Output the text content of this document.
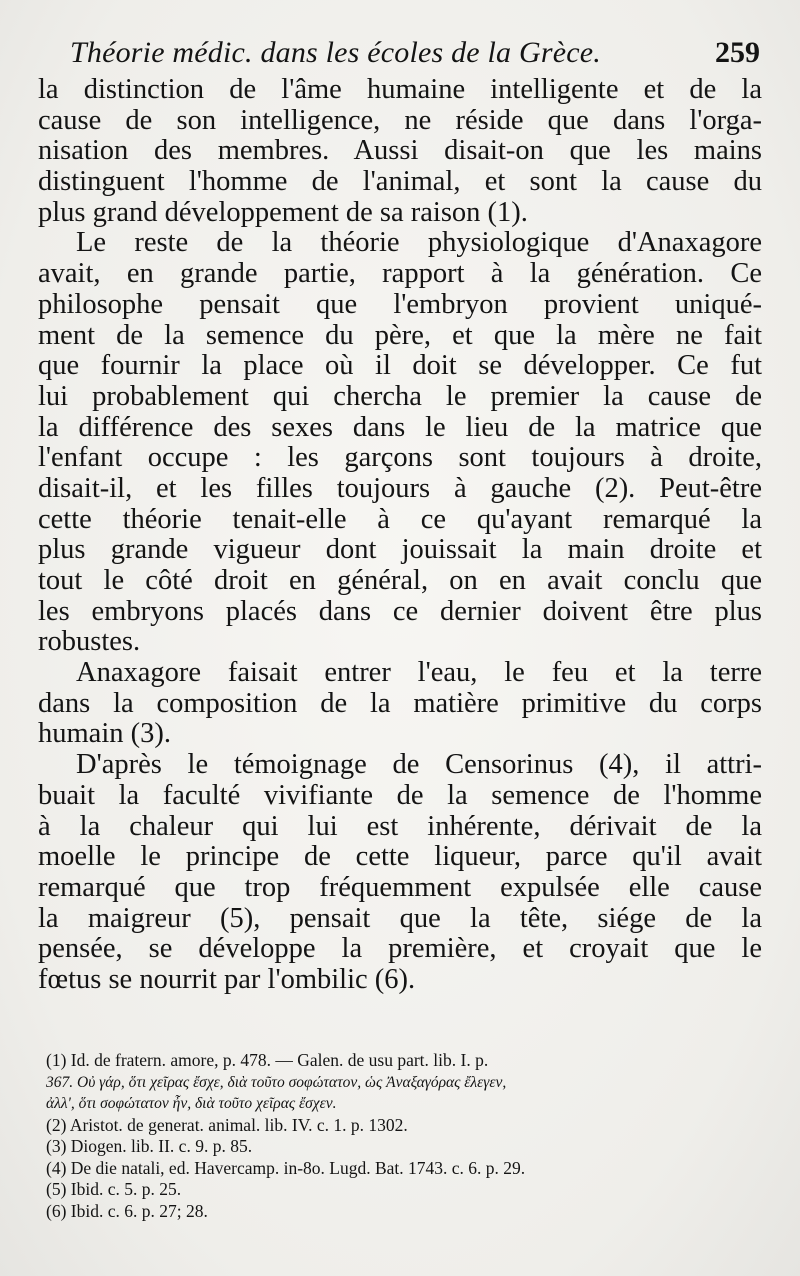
Théorie médic. dans les écoles de la Grèce.	259
la distinction de l'âme humaine intelligente et de la
cause de son intelligence, ne réside que dans l'orga-
nisation des membres. Aussi disait-on que les mains
distinguent l'homme de l'animal, et sont la cause du
plus grand développement de sa raison (1).
Le reste de la théorie physiologique d'Anaxagore
avait, en grande partie, rapport à la génération. Ce
philosophe pensait que l'embryon provient uniqué-
ment de la semence du père, et que la mère ne fait
que fournir la place où il doit se développer. Ce fut
lui probablement qui chercha le premier la cause de
la différence des sexes dans le lieu de la matrice que
l'enfant occupe : les garçons sont toujours à droite,
disait-il, et les filles toujours à gauche (2). Peut-être
cette théorie tenait-elle à ce qu'ayant remarqué la
plus grande vigueur dont jouissait la main droite et
tout le côté droit en général, on en avait conclu que
les embryons placés dans ce dernier doivent être plus
robustes.
Anaxagore faisait entrer l'eau, le feu et la terre
dans la composition de la matière primitive du corps
humain (3).
D'après le témoignage de Censorinus (4), il attri-
buait la faculté vivifiante de la semence de l'homme
à la chaleur qui lui est inhérente, dérivait de la
moelle le principe de cette liqueur, parce qu'il avait
remarqué que trop fréquemment expulsée elle cause
la maigreur (5), pensait que la tête, siége de la
pensée, se développe la première, et croyait que le
fœtus se nourrit par l'ombilic (6).
(1) Id. de fratern. amore, p. 478. — Galen. de usu part. lib. I. p.
367. Οὐ γάρ, ὅτι χεῖρας ἔσχε, διὰ τοῦτο σοφώτατον, ὡς Ἀναξαγόρας ἔλεγεν,
ἀλλ', ὅτι σοφώτατον ἦν, διὰ τοῦτο χεῖρας ἔσχεν.
(2) Aristot. de generat. animal. lib. IV. c. 1. p. 1302.
(3) Diogen. lib. II. c. 9. p. 85.
(4) De die natali, ed. Havercamp. in-8o. Lugd. Bat. 1743. c. 6. p. 29.
(5) Ibid. c. 5. p. 25.
(6) Ibid. c. 6. p. 27; 28.
